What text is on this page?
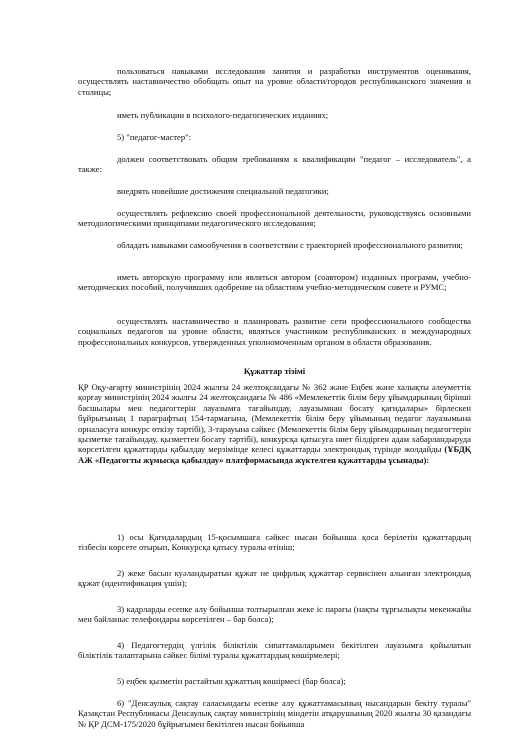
пользоваться навыками исследования занятия и разработки инструментов оценивания, осуществлять наставничество обобщать опыт на уровне области/городов республиканского значения и столицы;

иметь публикации в психолого-педагогических изданиях;

5) "педагог-мастер":

должен соответствовать общим требованиям к квалификации "педагог – исследователь", а также:

внедрять новейшие достижения специальной педагогики;

осуществлять рефлексию своей профессиональной деятельности, руководствуясь основными методологическими принципами педагогического исследования;

обладать навыками самообучения в соответствии с траекторией профессионального развития;

иметь авторскую программу или являться автором (соавтором) изданных программ, учебно-методических пособий, получивших одобрение на областном учебно-методическом совете и РУМС;

осуществлять наставничество и планировать развитие сети профессионального сообщества социальных педагогов на уровне области, являться участником республиканских и международных профессиональных конкурсов, утвержденных уполномоченным органом в области образования.

Құжаттар тізімі

ҚР Оқу-ағарту министрінің 2024 жылғы 24 желтоқсандағы № 362 және Еңбек және халықты әлеуметтік қорғау министрінің 2024 жылғы 24 желтоқсандағы № 486 «Мемлекеттік білім беру ұйымдарының бірінші басшылары мен педагогтерін лауазымға тағайындау, лауазымнан босату қағидалары» бірлескен бұйрығының 1 параграфтың 154-тармағына, (Мемлекеттік білім беру ұйымының педагог лауазымына орналасуға конкурс өткізу тәртібі), 3-тарауына сәйкес (Мемлекеттік білім беру ұйымдарының педагогтерін қызметке тағайындау, қызметтен босату тәртібі), конкурсқа қатысуға ниет білдірген адам хабарландыруда көрсетілген құжаттарды қабылдау мерзімінде келесі құжаттарды электрондық түрінде жолдайды (ҰБДҚ АЖ «Педагогты жұмысқа қабылдау» платформасында жүктелген құжаттарды ұсынады):

1) осы Қағидалардың 15-қосымшаға сәйкес нысан бойынша қоса берілетін құжаттардың тізбесін көрсете отырып, Конкурсқа қатысу туралы өтініш;

2) жеке басын куәландыратын құжат не цифрлық құжаттар сервисінен алынған электрондық құжат (идентификация үшін);

3) кадрларды есепке алу бойынша толтырылған жеке іс парағы (нақты тұрғылықты мекенжайы мен байланыс телефондары көрсетілген – бар болса);

4) Педагогтердің үлгілік біліктілік сипаттамаларымен бекітілген лауазымға қойылатын біліктілік талаптарына сәйкес білімі туралы құжаттардың көшірмелері;

5) еңбек қызметін растайтын құжаттың көшірмесі (бар болса);

6) "Денсаулық сақтау саласындағы есепке алу құжаттамасының нысандарын бекіту туралы" Қазақстан Республикасы Денсаулық сақтау министрінің міндетін атқарушының 2020 жылғы 30 қазандағы № ҚР ДСМ-175/2020 бұйрығымен бекітілген нысан бойынша
